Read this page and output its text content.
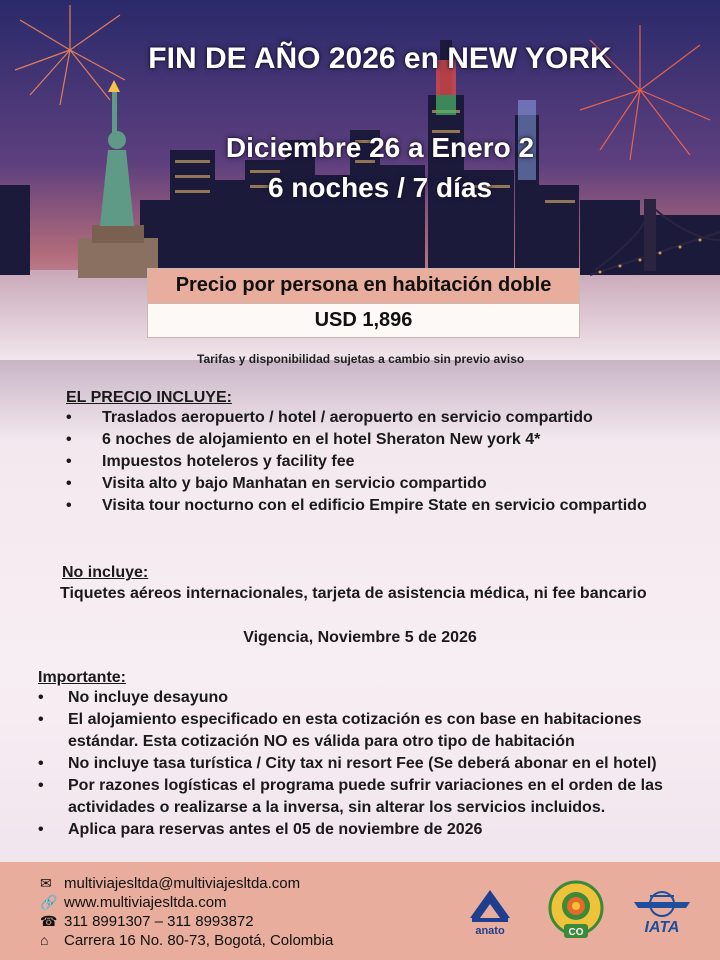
FIN DE AÑO 2026 en NEW YORK
Diciembre 26 a Enero 2
6 noches / 7 días
Precio por persona en habitación doble
USD 1,896
Tarifas y disponibilidad sujetas a cambio sin previo aviso
EL PRECIO INCLUYE:
• Traslados aeropuerto / hotel / aeropuerto en servicio compartido
• 6 noches de alojamiento en el hotel Sheraton New york 4*
• Impuestos hoteleros y facility fee
• Visita alto y bajo Manhatan en servicio compartido
• Visita tour nocturno con el edificio Empire State en servicio compartido
No incluye:
Tiquetes aéreos internacionales, tarjeta de asistencia médica, ni fee bancario
Vigencia, Noviembre 5 de 2026
Importante:
• No incluye desayuno
• El alojamiento especificado en esta cotización es con base en habitaciones estándar. Esta cotización NO es válida para otro tipo de habitación
• No incluye tasa turística / City tax ni resort Fee (Se deberá abonar en el hotel)
• Por razones logísticas el programa puede sufrir variaciones en el orden de las actividades o realizarse a la inversa, sin alterar los servicios incluidos.
• Aplica para reservas antes el 05 de noviembre de 2026
✉ multiviajesltda@multiviajesltda.com
🔗 www.multiviajesltda.com
☎ 311 8991307 – 311 8993872
⌂ Carrera 16 No. 80-73, Bogotá, Colombia
anato	CO	IATA
